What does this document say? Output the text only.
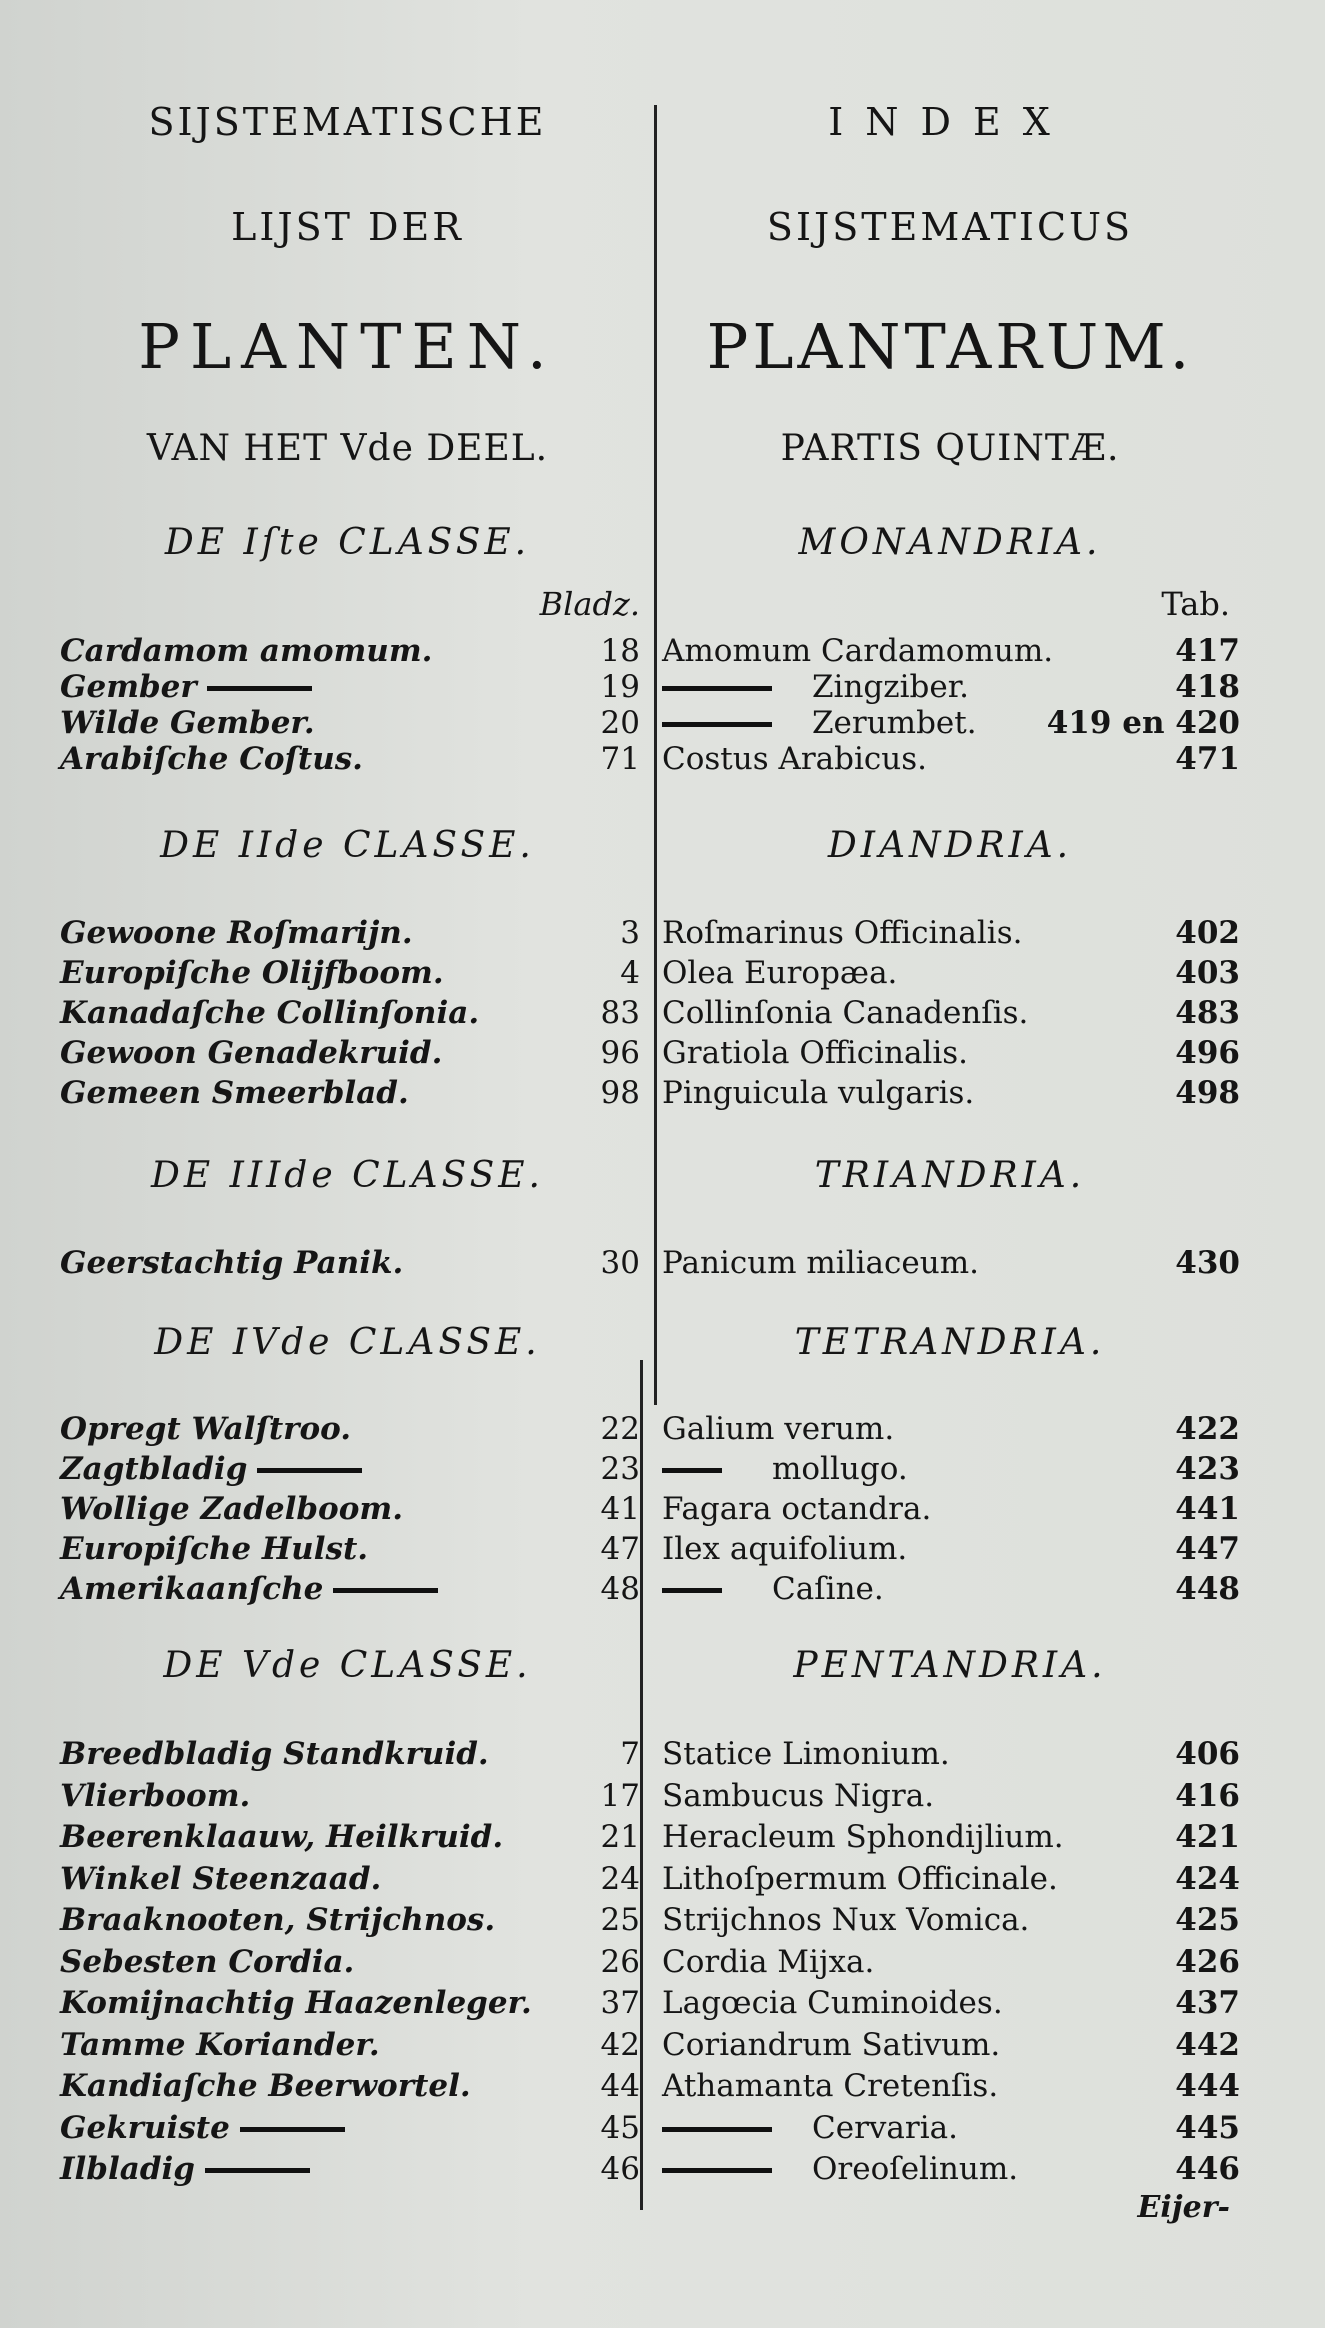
SIJSTEMATISCHE
LIJST DER
PLANTEN.
VAN HET Vde DEEL.
DE Iſte CLASSE.
Bladz.
Cardamom amomum.	18
Gember	19
Wilde Gember.	20
Arabiſche Coſtus.	71
DE IIde CLASSE.
Gewoone Roſmarijn.	3
Europiſche Olijfboom.	4
Kanadaſche Collinſonia.	83
Gewoon Genadekruid.	96
Gemeen Smeerblad.	98
DE IIIde CLASSE.
Geerstachtig Panik.	30
DE IVde CLASSE.
Opregt Walſtroo.	22
Zagtbladig	23
Wollige Zadelboom.	41
Europiſche Hulst.	47
Amerikaanſche	48
DE Vde CLASSE.
Breedbladig Standkruid.	7
Vlierboom.	17
Beerenklaauw, Heilkruid.	21
Winkel Steenzaad.	24
Braaknooten, Strijchnos.	25
Sebesten Cordia.	26
Komijnachtig Haazenleger. 37
Tamme Koriander.	42
Kandiaſche Beerwortel.	44
Gekruiste	45
Ilbladig	46
INDEX
SIJSTEMATICUS
PLANTARUM.
PARTIS QUINTÆ.
MONANDRIA.
Tab.
Amomum Cardamomum.	417
Zingziber.	418
Zerumbet. 419 en 420
Costus Arabicus.	471
DIANDRIA.
Roſmarinus Officinalis.	402
Olea Europæa.	403
Collinſonia Canadenſis.	483
Gratiola Officinalis.	496
Pinguicula vulgaris.	498
TRIANDRIA.
Panicum miliaceum.	430
TETRANDRIA.
Galium verum.	422
mollugo.	423
Fagara octandra.	441
Ilex aquifolium.	447
Caſine.	448
PENTANDRIA.
Statice Limonium.	406
Sambucus Nigra.	416
Heracleum Sphondijlium.	421
Lithoſpermum Officinale.	424
Strijchnos Nux Vomica.	425
Cordia Mijxa.	426
Lagœcia Cuminoides.	437
Coriandrum Sativum.	442
Athamanta Cretenſis.	444
Cervaria.	445
Oreoſelinum.	446
Eijer-
